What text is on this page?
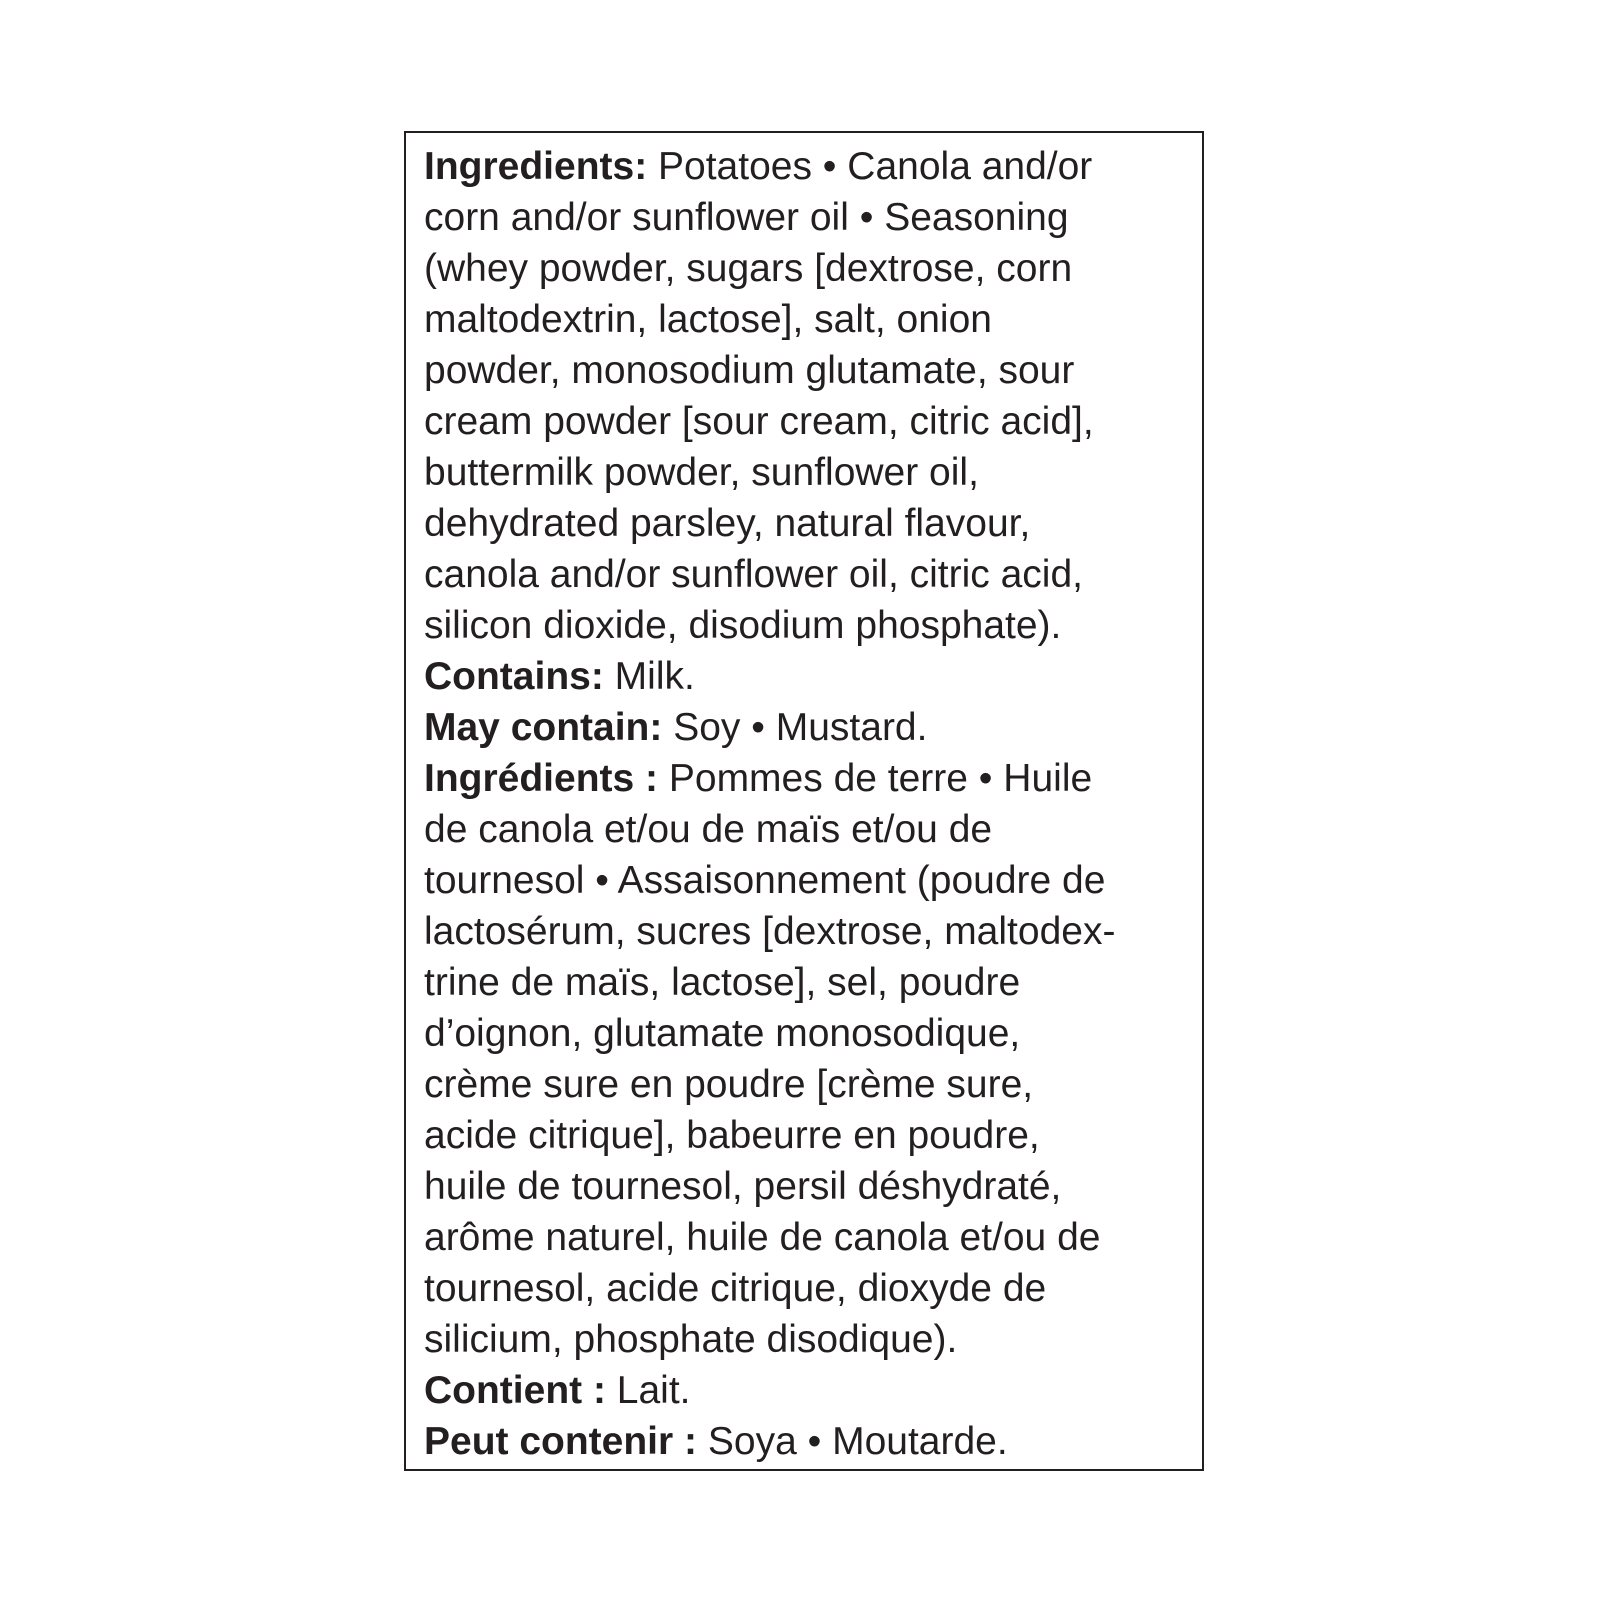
Ingredients: Potatoes • Canola and/or
corn and/or sunflower oil • Seasoning
(whey powder, sugars [dextrose, corn
maltodextrin, lactose], salt, onion
powder, monosodium glutamate, sour
cream powder [sour cream, citric acid],
buttermilk powder, sunflower oil,
dehydrated parsley, natural flavour,
canola and/or sunflower oil, citric acid,
silicon dioxide, disodium phosphate).
Contains: Milk.
May contain: Soy • Mustard.
Ingrédients : Pommes de terre • Huile
de canola et/ou de maïs et/ou de
tournesol • Assaisonnement (poudre de
lactosérum, sucres [dextrose, maltodex-
trine de maïs, lactose], sel, poudre
d’oignon, glutamate monosodique,
crème sure en poudre [crème sure,
acide citrique], babeurre en poudre,
huile de tournesol, persil déshydraté,
arôme naturel, huile de canola et/ou de
tournesol, acide citrique, dioxyde de
silicium, phosphate disodique).
Contient : Lait.
Peut contenir : Soya • Moutarde.
